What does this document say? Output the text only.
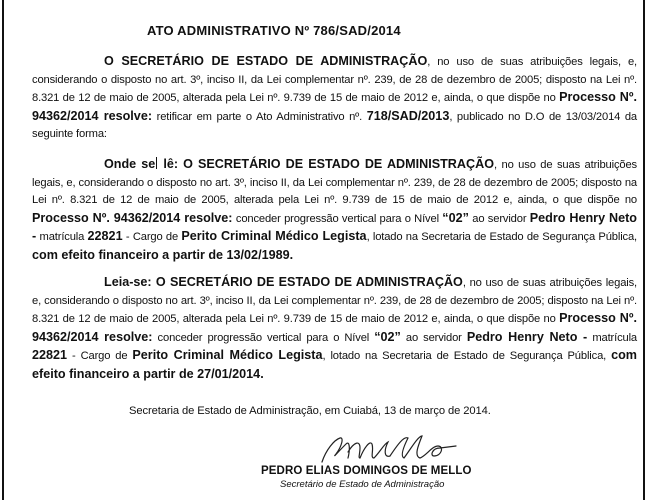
ATO ADMINISTRATIVO Nº 786/SAD/2014
O SECRETÁRIO DE ESTADO DE ADMINISTRAÇÃO, no uso de suas atribuições legais, e, considerando o disposto no art. 3º, inciso II, da Lei complementar nº. 239, de 28 de dezembro de 2005; disposto na Lei nº. 8.321 de 12 de maio de 2005, alterada pela Lei nº. 9.739 de 15 de maio de 2012 e, ainda, o que dispõe no Processo Nº. 94362/2014 resolve: retificar em parte o Ato Administrativo nº. 718/SAD/2013, publicado no D.O de 13/03/2014 da seguinte forma:
Onde se lê: O SECRETÁRIO DE ESTADO DE ADMINISTRAÇÃO, no uso de suas atribuições legais, e, considerando o disposto no art. 3º, inciso II, da Lei complementar nº. 239, de 28 de dezembro de 2005; disposto na Lei nº. 8.321 de 12 de maio de 2005, alterada pela Lei nº. 9.739 de 15 de maio de 2012 e, ainda, o que dispõe no Processo Nº. 94362/2014 resolve: conceder progressão vertical para o Nível “02” ao servidor Pedro Henry Neto - matrícula 22821 - Cargo de Perito Criminal Médico Legista, lotado na Secretaria de Estado de Segurança Pública, com efeito financeiro a partir de 13/02/1989.
Leia-se: O SECRETÁRIO DE ESTADO DE ADMINISTRAÇÃO, no uso de suas atribuições legais, e, considerando o disposto no art. 3º, inciso II, da Lei complementar nº. 239, de 28 de dezembro de 2005; disposto na Lei nº. 8.321 de 12 de maio de 2005, alterada pela Lei nº. 9.739 de 15 de maio de 2012 e, ainda, o que dispõe no Processo Nº. 94362/2014 resolve: conceder progressão vertical para o Nível “02” ao servidor Pedro Henry Neto - matrícula 22821 - Cargo de Perito Criminal Médico Legista, lotado na Secretaria de Estado de Segurança Pública, com efeito financeiro a partir de 27/01/2014.
Secretaria de Estado de Administração, em Cuiabá, 13 de março de 2014.
PEDRO ELIAS DOMINGOS DE MELLO
Secretário de Estado de Administração
